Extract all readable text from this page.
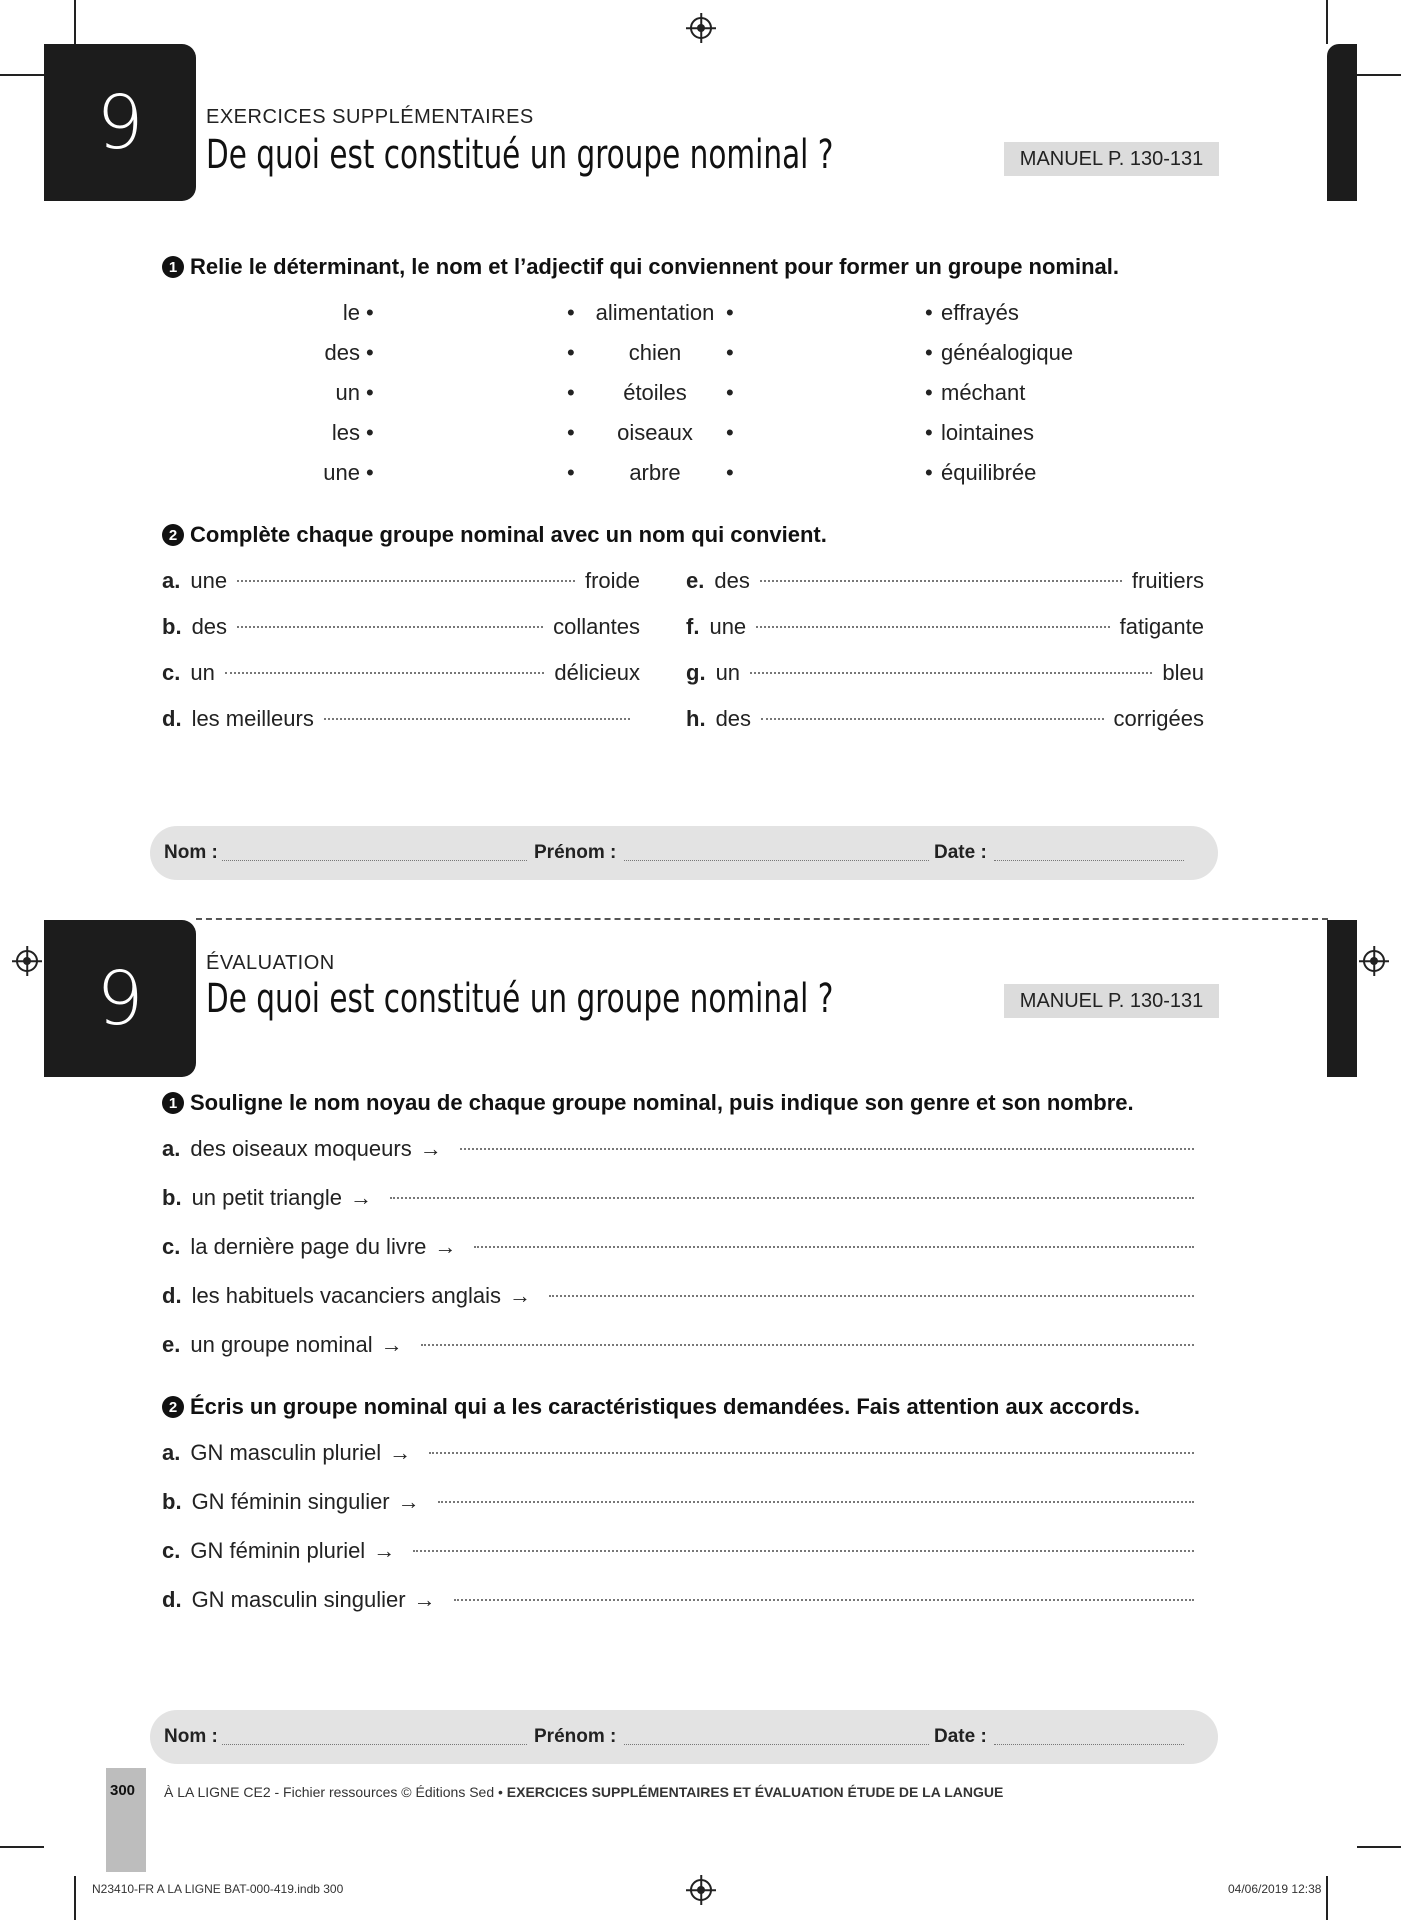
9	EXERCICES SUPPLÉMENTAIRES
De quoi est constitué un groupe nominal ?	MANUEL P. 130-131
1 Relie le déterminant, le nom et l’adjectif qui conviennent pour former un groupe nominal.
le •	• alimentation •	• effrayés
des •	•	chien	•	• généalogique
un •	•	étoiles	•	• méchant
les •	•	oiseaux	•	• lointaines
une •	•	arbre	•	• équilibrée
2 Complète chaque groupe nominal avec un nom qui convient.
a. une	froide
b. des	collantes
c. un	délicieux
d. les meilleurs
e. des	fruitiers
f. une	fatigante
g. un	bleu
h. des	corrigées
Nom :	Prénom :	Date :
9	ÉVALUATION
De quoi est constitué un groupe nominal ?	MANUEL P. 130-131
1 Souligne le nom noyau de chaque groupe nominal, puis indique son genre et son nombre.
a. des oiseaux moqueurs →
b. un petit triangle →
c. la dernière page du livre →
d. les habituels vacanciers anglais →
e. un groupe nominal →
2 Écris un groupe nominal qui a les caractéristiques demandées. Fais attention aux accords.
a. GN masculin pluriel →
b. GN féminin singulier →
c. GN féminin pluriel →
d. GN masculin singulier →
Nom :	Prénom :	Date :
300 À LA LIGNE CE2 - Fichier ressources © Éditions Sed • EXERCICES SUPPLÉMENTAIRES ET ÉVALUATION ÉTUDE DE LA LANGUE
N23410-FR A LA LIGNE BAT-000-419.indb 300	04/06/2019 12:38
